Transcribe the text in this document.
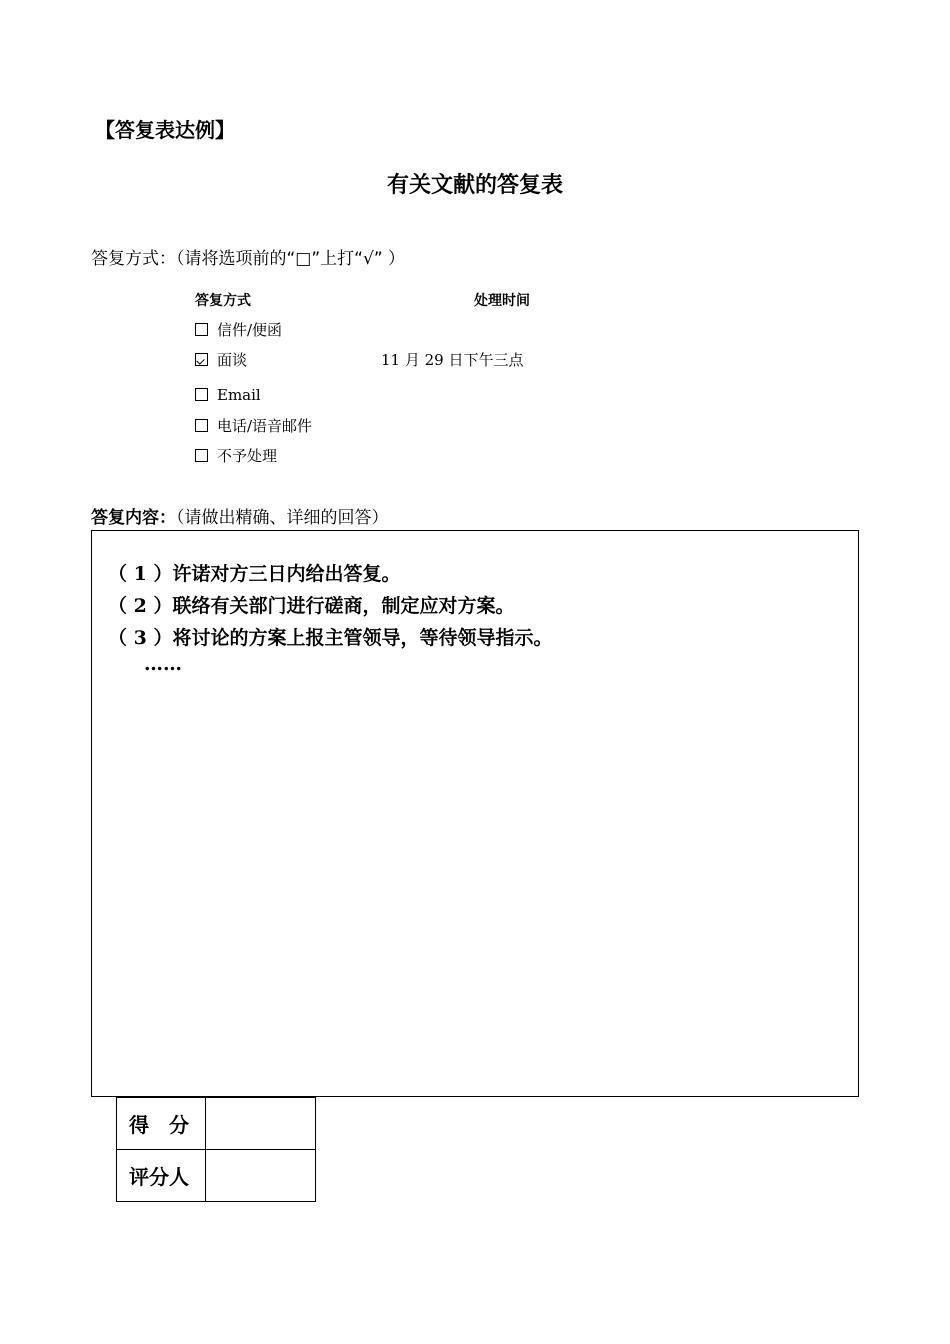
【答复表达例】
有关文献的答复表
答复方式：（请将选项前的“□”上打“√” ）
答复方式	处理时间
信件/便函
面谈	11 月 29 日下午三点
Email
电话/语音邮件
不予处理
答复内容：（请做出精确、详细的回答）
（ 1 ）许诺对方三日内给出答复。
（ 2 ）联络有关部门进行磋商，制定应对方案。
（ 3 ）将讨论的方案上报主管领导，等待领导指示。
……
得　分	
评分人	
